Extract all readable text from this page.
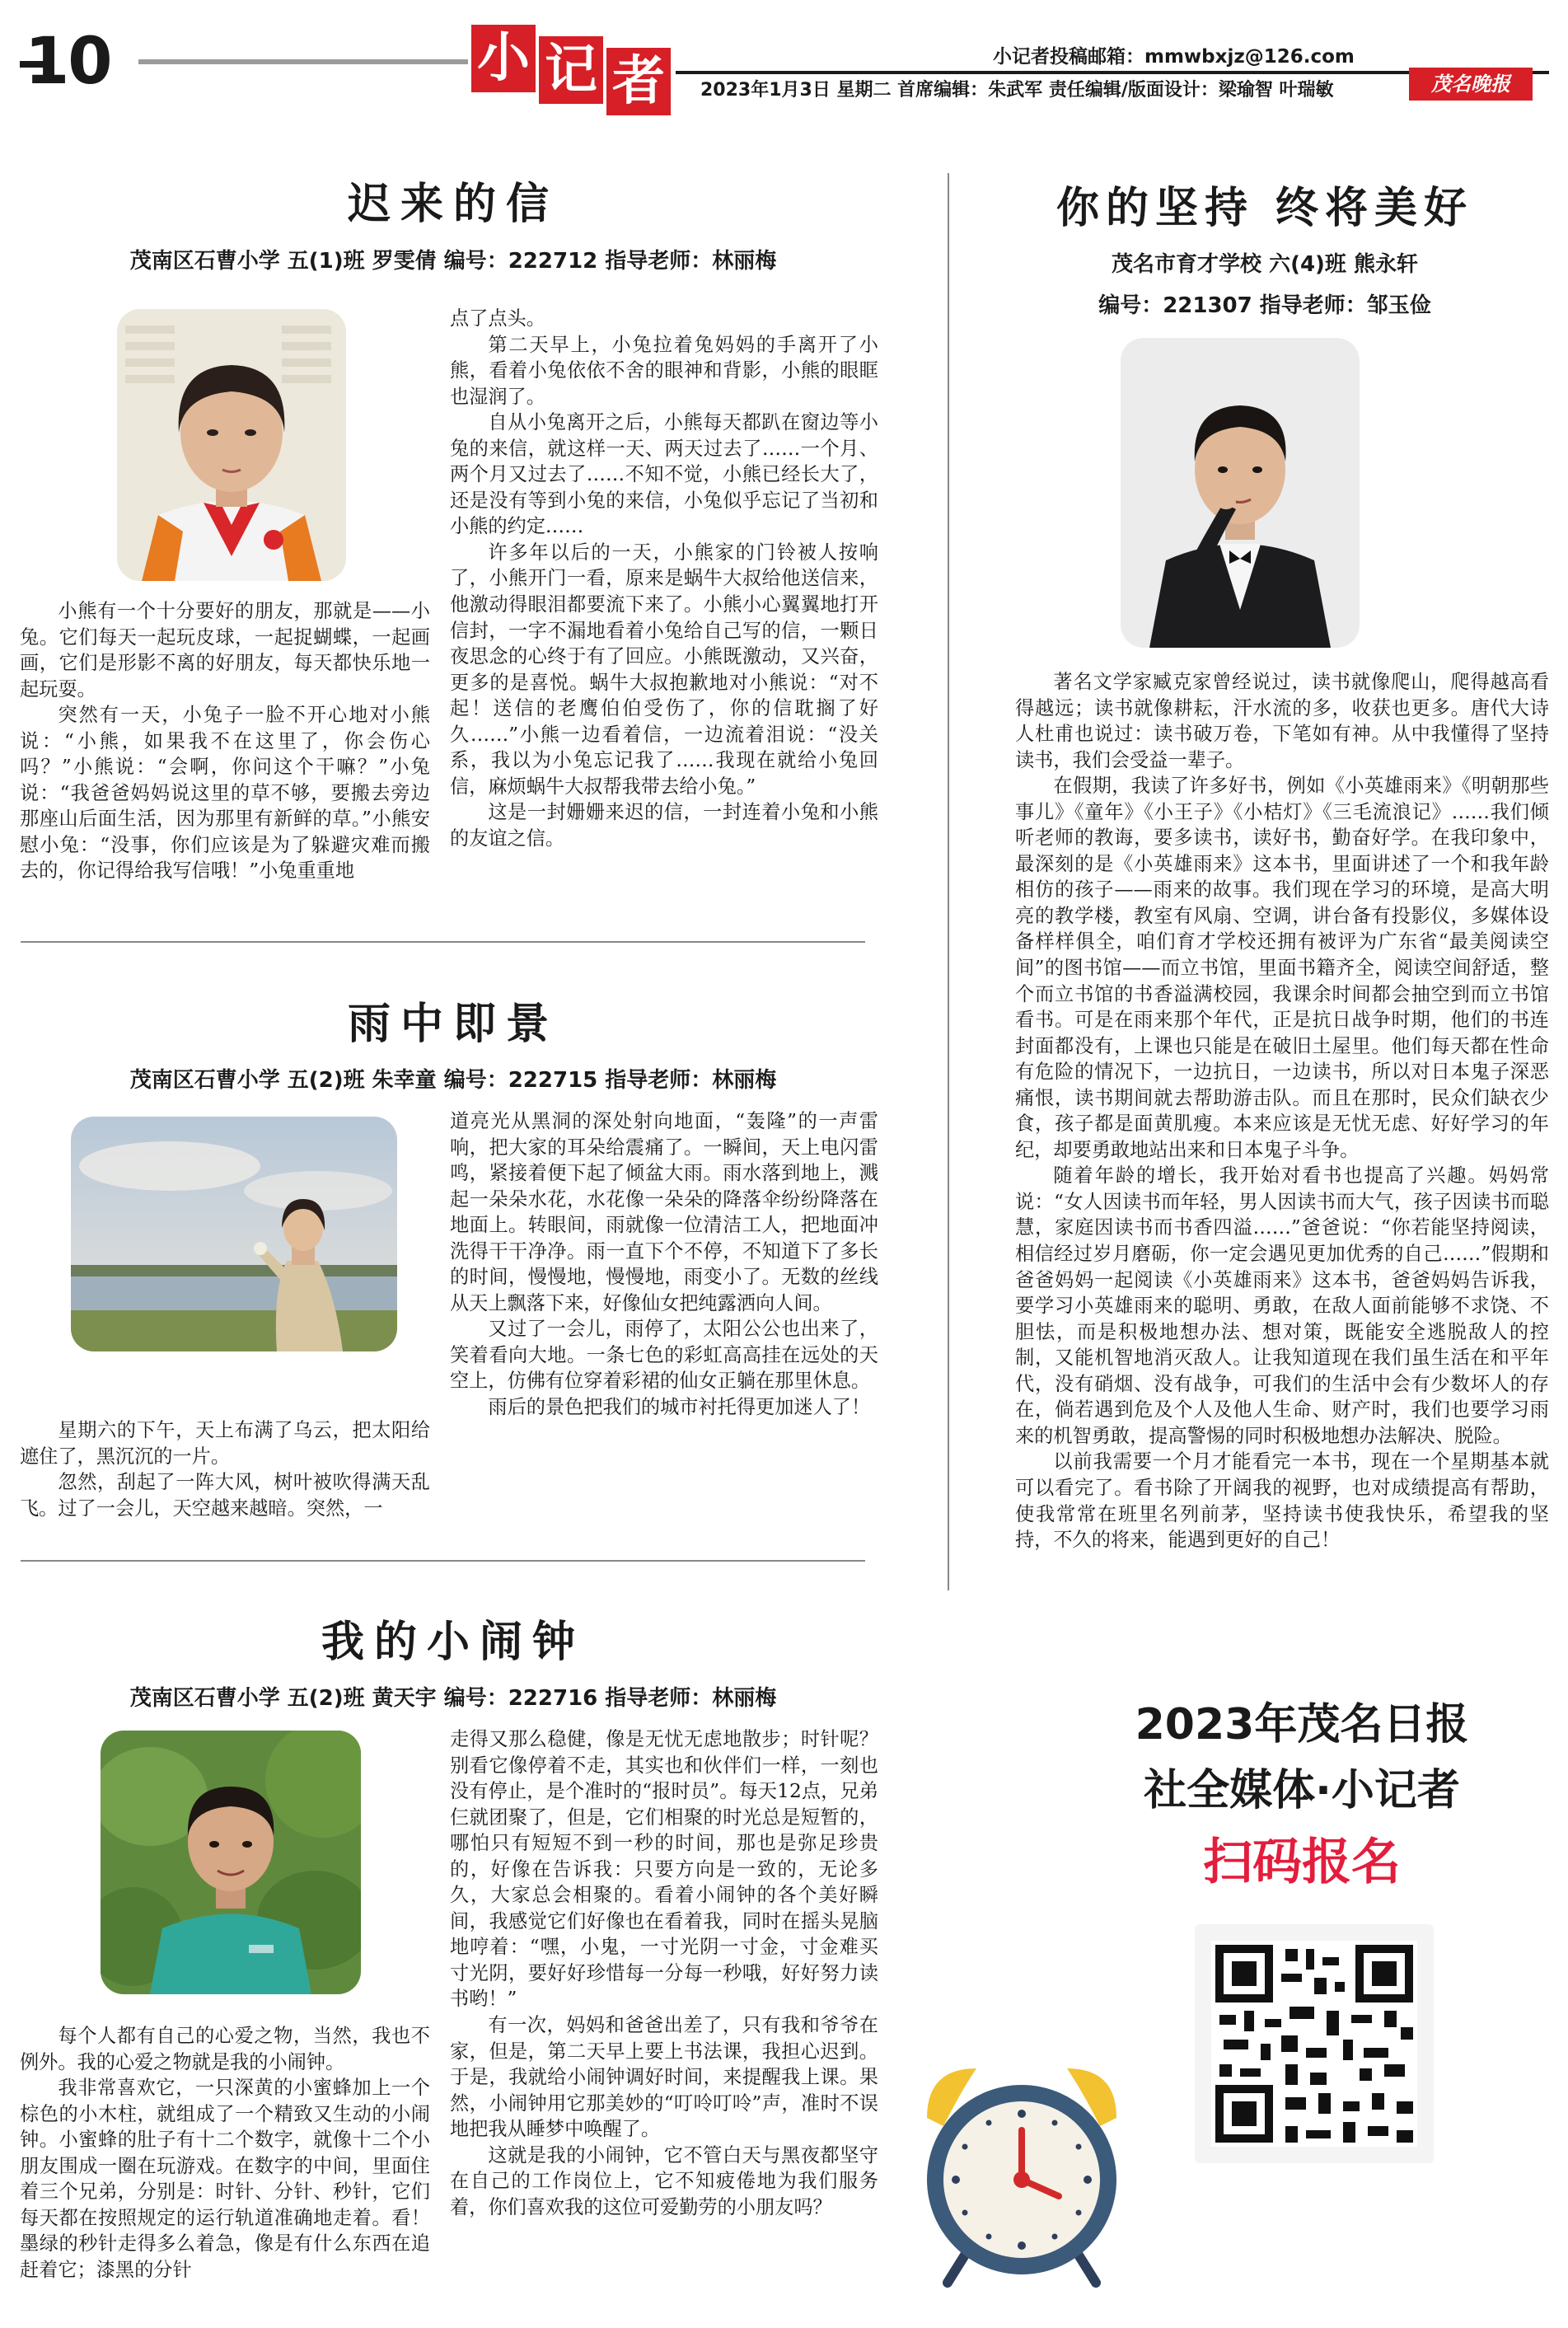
10	小 记 者	小记者投稿邮箱：mmwbxjz@126.com
2023年1月3日 星期二 首席编辑：朱武军 责任编辑/版面设计：梁瑜智 叶瑞敏	茂名晚报
迟来的信
茂南区石曹小学 五(1)班 罗雯倩 编号：222712 指导老师：林丽梅

小熊有一个十分要好的朋友，那就是——小兔。它们每天一起玩皮球，一起捉蝴蝶，一起画画，它们是形影不离的好朋友，每天都快乐地一起玩耍。

突然有一天，小兔子一脸不开心地对小熊说：“小熊，如果我不在这里了，你会伤心吗？”小熊说：“会啊，你问这个干嘛？”小兔说：“我爸爸妈妈说这里的草不够，要搬去旁边那座山后面生活，因为那里有新鲜的草。”小熊安慰小兔：“没事，你们应该是为了躲避灾难而搬去的，你记得给我写信哦！”小兔重重地

点了点头。

第二天早上，小兔拉着兔妈妈的手离开了小熊，看着小兔依依不舍的眼神和背影，小熊的眼眶也湿润了。

自从小兔离开之后，小熊每天都趴在窗边等小兔的来信，就这样一天、两天过去了……一个月、两个月又过去了……不知不觉，小熊已经长大了，还是没有等到小兔的来信，小兔似乎忘记了当初和小熊的约定……

许多年以后的一天，小熊家的门铃被人按响了，小熊开门一看，原来是蜗牛大叔给他送信来，他激动得眼泪都要流下来了。小熊小心翼翼地打开信封，一字不漏地看着小兔给自己写的信，一颗日夜思念的心终于有了回应。小熊既激动，又兴奋，更多的是喜悦。蜗牛大叔抱歉地对小熊说：“对不起！送信的老鹰伯伯受伤了，你的信耽搁了好久……”小熊一边看着信，一边流着泪说：“没关系，我以为小兔忘记我了……我现在就给小兔回信，麻烦蜗牛大叔帮我带去给小兔。”

这是一封姗姗来迟的信，一封连着小兔和小熊的友谊之信。

雨中即景
茂南区石曹小学 五(2)班 朱幸童 编号：222715 指导老师：林丽梅

星期六的下午，天上布满了乌云，把太阳给遮住了，黑沉沉的一片。

忽然，刮起了一阵大风，树叶被吹得满天乱飞。过了一会儿，天空越来越暗。突然，一

道亮光从黑洞的深处射向地面，“轰隆”的一声雷响，把大家的耳朵给震痛了。一瞬间，天上电闪雷鸣，紧接着便下起了倾盆大雨。雨水落到地上，溅起一朵朵水花，水花像一朵朵的降落伞纷纷降落在地面上。转眼间，雨就像一位清洁工人，把地面冲洗得干干净净。雨一直下个不停，不知道下了多长的时间，慢慢地，慢慢地，雨变小了。无数的丝线从天上飘落下来，好像仙女把纯露洒向人间。

又过了一会儿，雨停了，太阳公公也出来了，笑着看向大地。一条七色的彩虹高高挂在远处的天空上，仿佛有位穿着彩裙的仙女正躺在那里休息。

雨后的景色把我们的城市衬托得更加迷人了！

我的小闹钟
茂南区石曹小学 五(2)班 黄天宇 编号：222716 指导老师：林丽梅

每个人都有自己的心爱之物，当然，我也不例外。我的心爱之物就是我的小闹钟。

我非常喜欢它，一只深黄的小蜜蜂加上一个棕色的小木柱，就组成了一个精致又生动的小闹钟。小蜜蜂的肚子有十二个数字，就像十二个小朋友围成一圈在玩游戏。在数字的中间，里面住着三个兄弟，分别是：时针、分针、秒针，它们每天都在按照规定的运行轨道准确地走着。看！墨绿的秒针走得多么着急，像是有什么东西在追赶着它；漆黑的分针

走得又那么稳健，像是无忧无虑地散步；时针呢？别看它像停着不走，其实也和伙伴们一样，一刻也没有停止，是个准时的“报时员”。每天12点，兄弟仨就团聚了，但是，它们相聚的时光总是短暂的，哪怕只有短短不到一秒的时间，那也是弥足珍贵的，好像在告诉我：只要方向是一致的，无论多久，大家总会相聚的。看着小闹钟的各个美好瞬间，我感觉它们好像也在看着我，同时在摇头晃脑地哼着：“嘿，小鬼，一寸光阴一寸金，寸金难买寸光阴，要好好珍惜每一分每一秒哦，好好努力读书哟！”

有一次，妈妈和爸爸出差了，只有我和爷爷在家，但是，第二天早上要上书法课，我担心迟到。于是，我就给小闹钟调好时间，来提醒我上课。果然，小闹钟用它那美妙的“叮呤叮呤”声，准时不误地把我从睡梦中唤醒了。

这就是我的小闹钟，它不管白天与黑夜都坚守在自己的工作岗位上，它不知疲倦地为我们服务着，你们喜欢我的这位可爱勤劳的小朋友吗？

你的坚持 终将美好
茂名市育才学校 六(4)班 熊永轩
编号：221307 指导老师：邹玉俭

著名文学家臧克家曾经说过，读书就像爬山，爬得越高看得越远；读书就像耕耘，汗水流的多，收获也更多。唐代大诗人杜甫也说过：读书破万卷，下笔如有神。从中我懂得了坚持读书，我们会受益一辈子。

在假期，我读了许多好书，例如《小英雄雨来》《明朝那些事儿》《童年》《小王子》《小桔灯》《三毛流浪记》……我们倾听老师的教诲，要多读书，读好书，勤奋好学。在我印象中，最深刻的是《小英雄雨来》这本书，里面讲述了一个和我年龄相仿的孩子——雨来的故事。我们现在学习的环境，是高大明亮的教学楼，教室有风扇、空调，讲台备有投影仪，多媒体设备样样俱全，咱们育才学校还拥有被评为广东省“最美阅读空间”的图书馆——而立书馆，里面书籍齐全，阅读空间舒适，整个而立书馆的书香溢满校园，我课余时间都会抽空到而立书馆看书。可是在雨来那个年代，正是抗日战争时期，他们的书连封面都没有，上课也只能是在破旧土屋里。他们每天都在性命有危险的情况下，一边抗日，一边读书，所以对日本鬼子深恶痛恨，读书期间就去帮助游击队。而且在那时，民众们缺衣少食，孩子都是面黄肌瘦。本来应该是无忧无虑、好好学习的年纪，却要勇敢地站出来和日本鬼子斗争。

随着年龄的增长，我开始对看书也提高了兴趣。妈妈常说：“女人因读书而年轻，男人因读书而大气，孩子因读书而聪慧，家庭因读书而书香四溢……”爸爸说：“你若能坚持阅读，相信经过岁月磨砺，你一定会遇见更加优秀的自己……”假期和爸爸妈妈一起阅读《小英雄雨来》这本书，爸爸妈妈告诉我，要学习小英雄雨来的聪明、勇敢，在敌人面前能够不求饶、不胆怯，而是积极地想办法、想对策，既能安全逃脱敌人的控制，又能机智地消灭敌人。让我知道现在我们虽生活在和平年代，没有硝烟、没有战争，可我们的生活中会有少数坏人的存在，倘若遇到危及个人及他人生命、财产时，我们也要学习雨来的机智勇敢，提高警惕的同时积极地想办法解决、脱险。

以前我需要一个月才能看完一本书，现在一个星期基本就可以看完了。看书除了开阔我的视野，也对成绩提高有帮助，使我常常在班里名列前茅，坚持读书使我快乐，希望我的坚持，不久的将来，能遇到更好的自己！

2023年茂名日报
社全媒体·小记者
扫码报名
